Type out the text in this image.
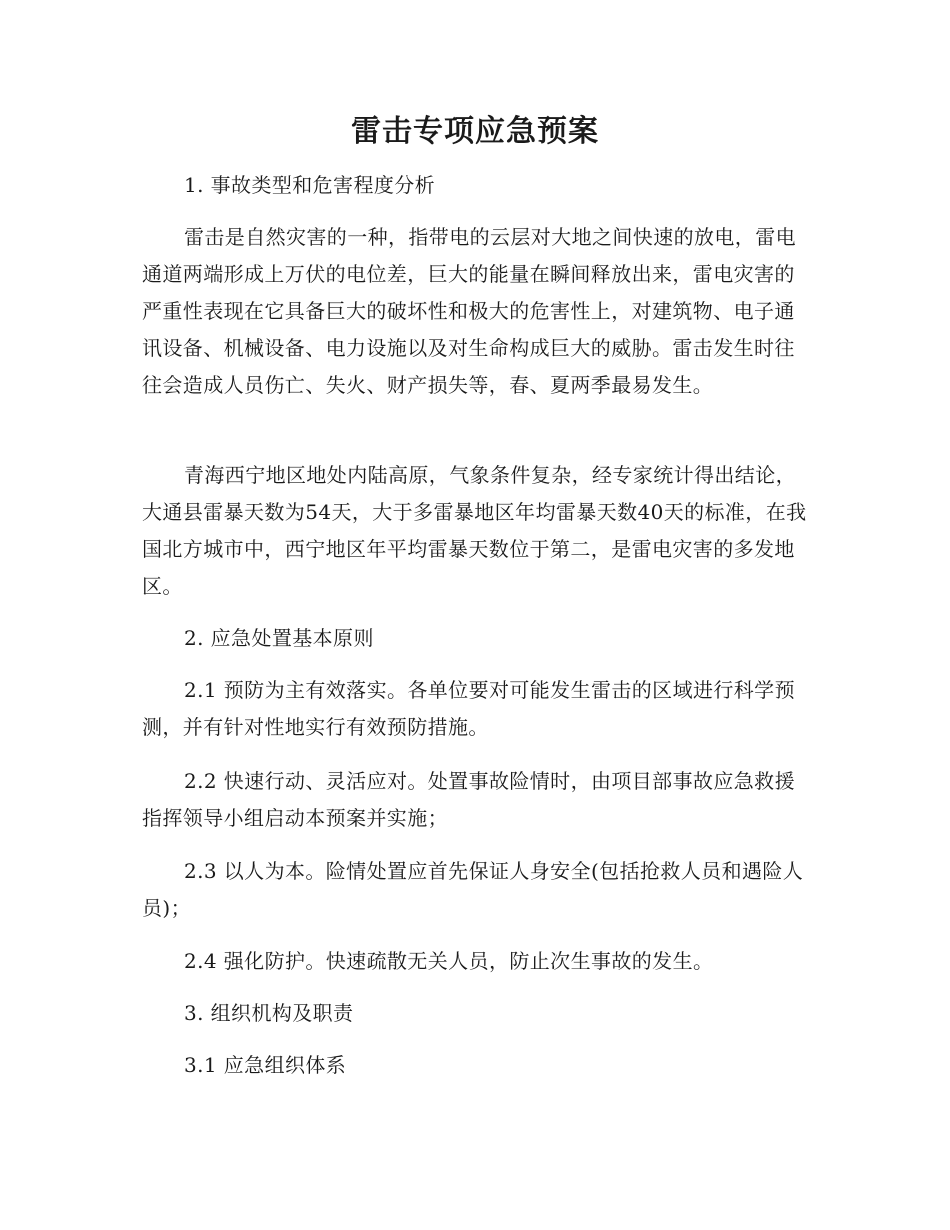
雷击专项应急预案

1. 事故类型和危害程度分析

雷击是自然灾害的一种，指带电的云层对大地之间快速的放电，雷电通道两端形成上万伏的电位差，巨大的能量在瞬间释放出来，雷电灾害的严重性表现在它具备巨大的破坏性和极大的危害性上，对建筑物、电子通讯设备、机械设备、电力设施以及对生命构成巨大的威胁。雷击发生时往往会造成人员伤亡、失火、财产损失等，春、夏两季最易发生。

青海西宁地区地处内陆高原，气象条件复杂，经专家统计得出结论，大通县雷暴天数为54天，大于多雷暴地区年均雷暴天数40天的标准，在我国北方城市中，西宁地区年平均雷暴天数位于第二，是雷电灾害的多发地区。

2. 应急处置基本原则

2.1 预防为主有效落实。各单位要对可能发生雷击的区域进行科学预测，并有针对性地实行有效预防措施。

2.2 快速行动、灵活应对。处置事故险情时，由项目部事故应急救援指挥领导小组启动本预案并实施；

2.3 以人为本。险情处置应首先保证人身安全(包括抢救人员和遇险人员)；

2.4 强化防护。快速疏散无关人员，防止次生事故的发生。

3. 组织机构及职责

3.1 应急组织体系
